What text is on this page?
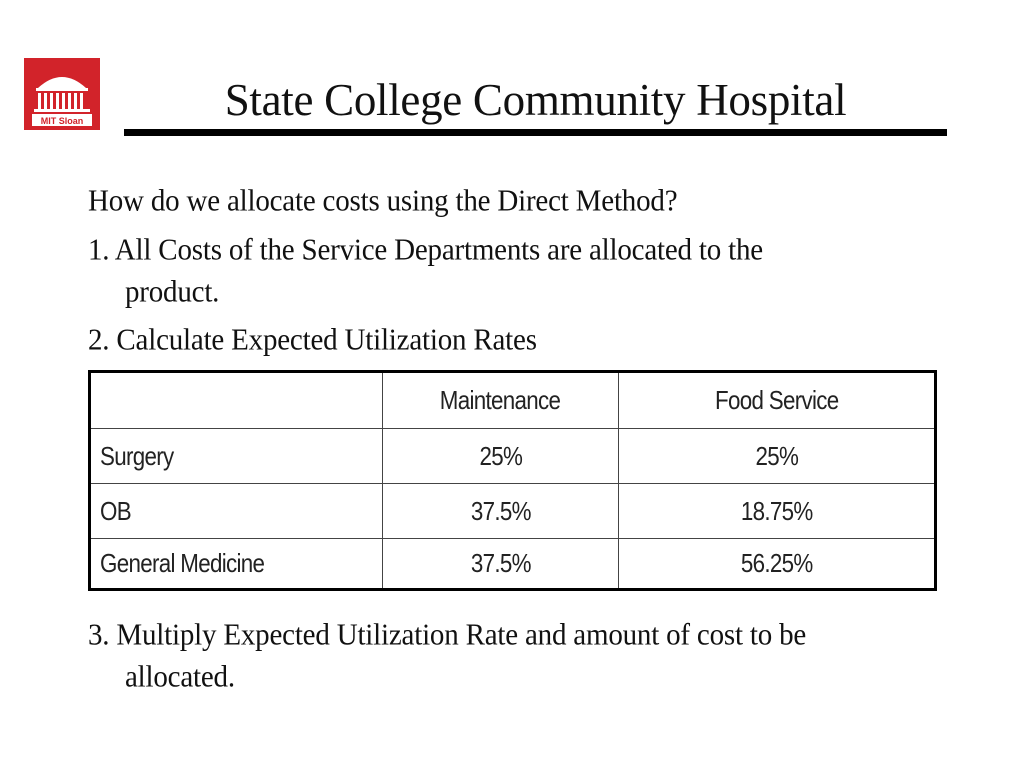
MIT Sloan	State College Community Hospital
How do we allocate costs using the Direct Method?
1. All Costs of the Service Departments are allocated to the
product.
2. Calculate Expected Utilization Rates
	Maintenance	Food Service
Surgery	25%	25%
OB	37.5%	18.75%
General Medicine	37.5%	56.25%
3. Multiply Expected Utilization Rate and amount of cost to be
allocated.
